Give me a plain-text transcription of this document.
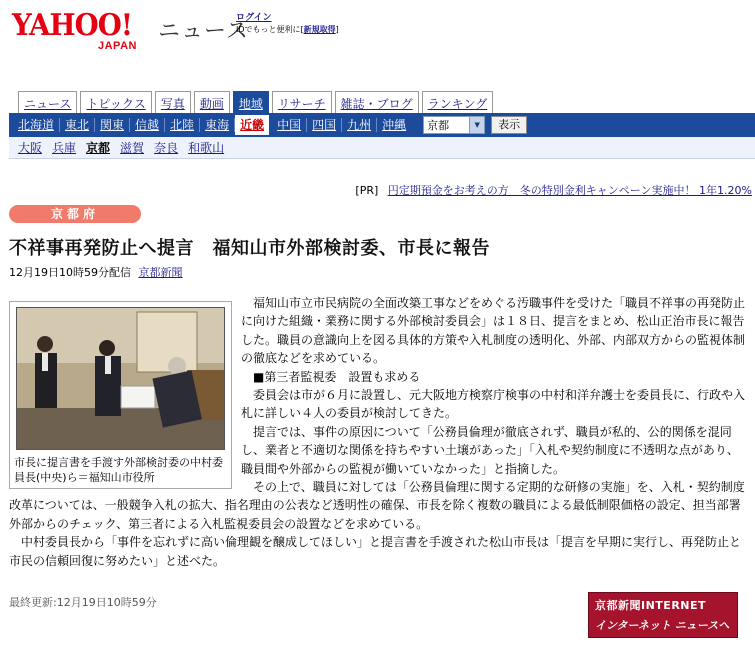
YAHOO!
JAPAN
ニュース
ログイン
IDでもっと便利に[新規取得]
ニュース	トピックス	写真	動画	地域	リサーチ	雑誌・ブログ	ランキング
北海道 東北 関東 信越 北陸 東海 近畿	中国 四国 九州 沖縄	京都	▼	表示
大阪 兵庫 京都 滋賀 奈良 和歌山
[PR] 円定期預金をお考えの方　冬の特別金利キャンペーン実施中！ 1年1.20%
京都府
不祥事再発防止へ提言　福知山市外部検討委、市長に報告
12月19日10時59分配信 京都新聞

　福知山市立市民病院の全面改築工事などをめぐる汚職事件を受けた「職員不祥事の再発防止に向けた組織・業務に関する外部検討委員会」は１８日、提言をまとめ、松山正治市長に報告した。職員の意識向上を図る具体的方策や入札制度の透明化、外部、内部双方からの監視体制の徹底などを求めている。

　■第三者監視委　設置も求める

　委員会は市が６月に設置し、元大阪地方検察庁検事の中村和洋弁護士を委員長に、行政や入札に詳しい４人の委員が検討してきた。

　提言では、事件の原因について「公務員倫理が徹底されず、職員が私的、公的関係を混同し、業者と不適切な関係を持ちやすい土壌があった」「入札や契約制度に不透明な点があり、職員間や外部からの監視が働いていなかった」と指摘した。

　その上で、職員に対しては「公務員倫理に関する定期的な研修の実施」を、入札・契約制度改革については、一般競争入札の拡大、指名理由の公表など透明性の確保、市長を除く複数の職員による最低制限価格の設定、担当部署外部からのチェック、第三者による入札監視委員会の設置などを求めている。

　中村委員長から「事件を忘れずに高い倫理観を醸成してほしい」と提言書を手渡された松山市長は「提言を早期に実行し、再発防止と市民の信頼回復に努めたい」と述べた。

市長に提言書を手渡す外部検討委の中村委員長(中央)ら＝福知山市役所
最終更新:12月19日10時59分	京都新聞INTERNET
インターネット ニュースへ
